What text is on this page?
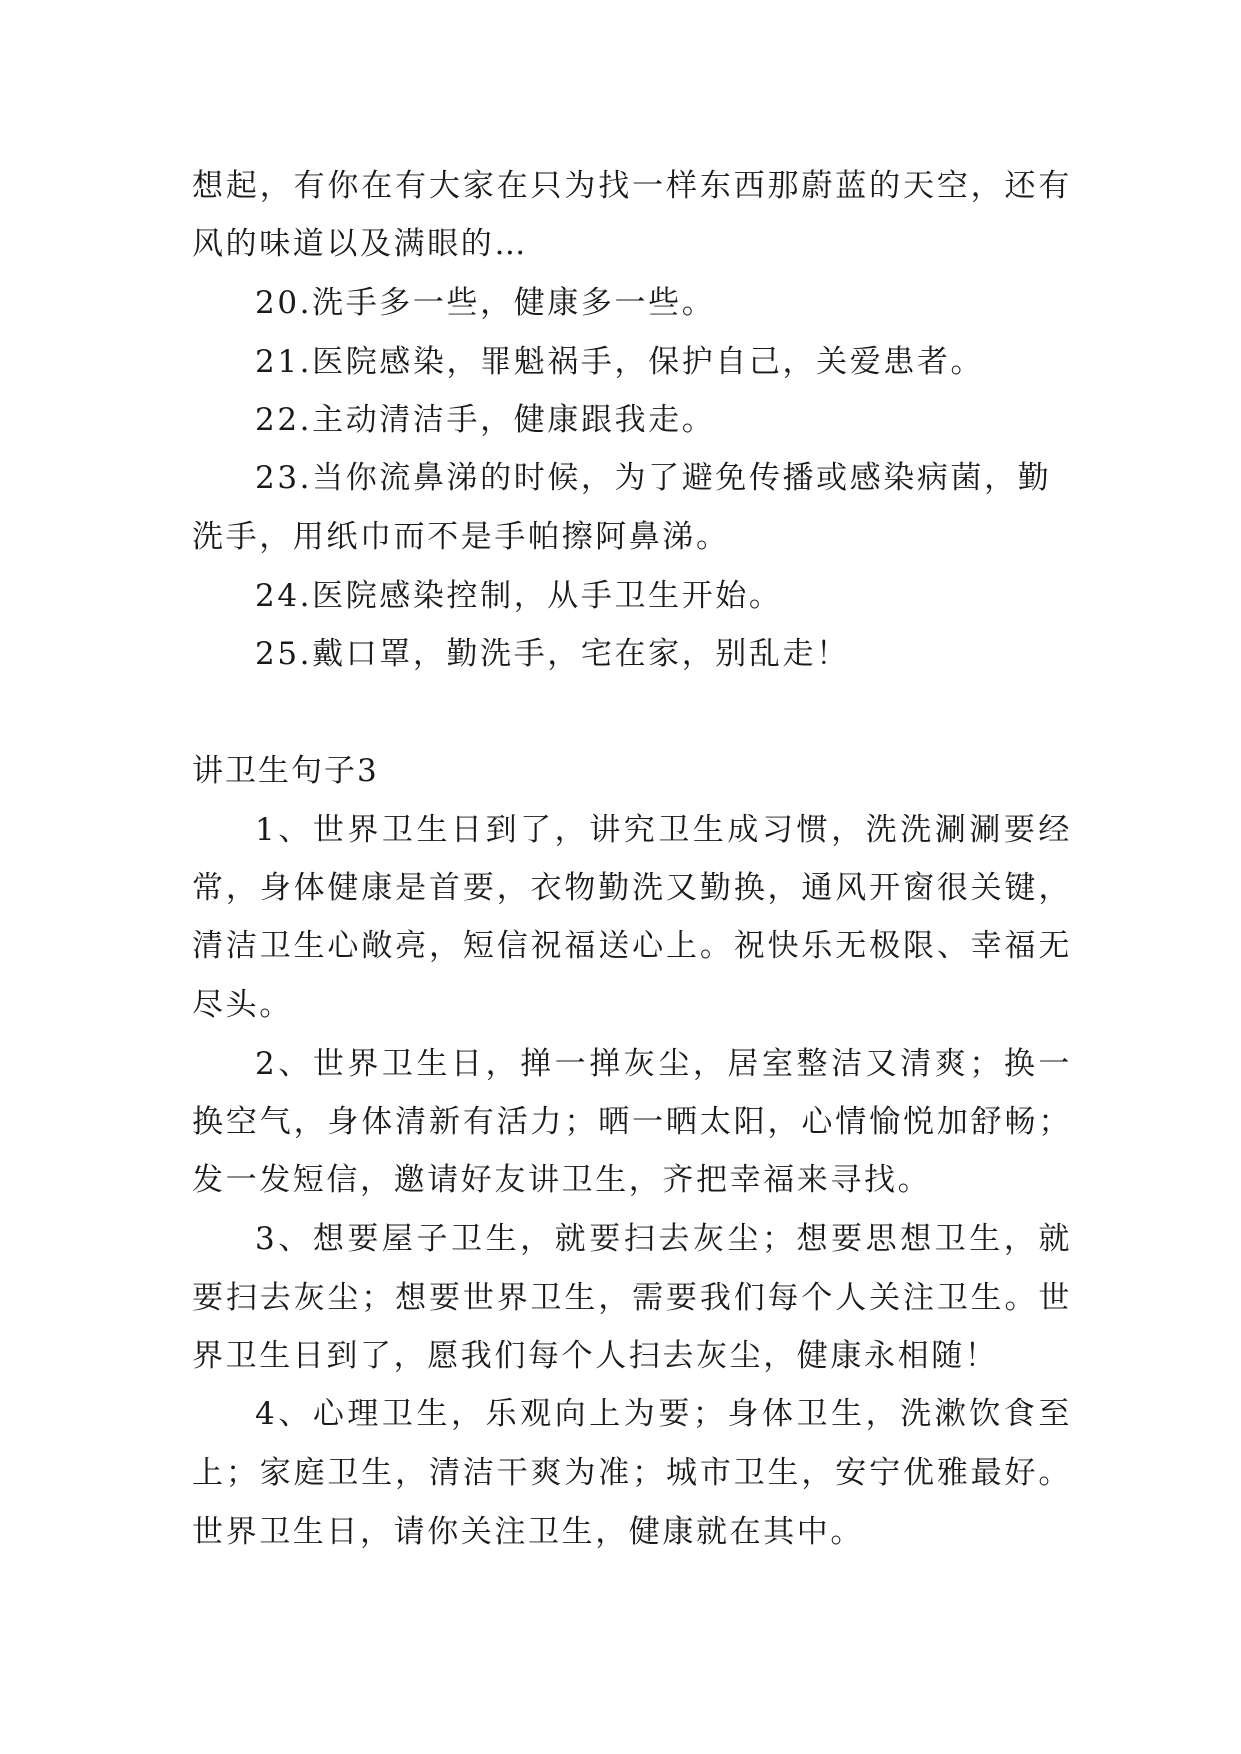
想起，有你在有大家在只为找一样东西那蔚蓝的天空，还有
风的味道以及满眼的…
20.洗手多一些，健康多一些。
21.医院感染，罪魁祸手，保护自己，关爱患者。
22.主动清洁手，健康跟我走。
23.当你流鼻涕的时候，为了避免传播或感染病菌，勤
洗手，用纸巾而不是手帕擦阿鼻涕。
24.医院感染控制，从手卫生开始。
25.戴口罩，勤洗手，宅在家，别乱走！
讲卫生句子3
1、世界卫生日到了，讲究卫生成习惯，洗洗涮涮要经
常，身体健康是首要，衣物勤洗又勤换，通风开窗很关键，
清洁卫生心敞亮，短信祝福送心上。祝快乐无极限、幸福无
尽头。
2、世界卫生日，掸一掸灰尘，居室整洁又清爽；换一
换空气，身体清新有活力；晒一晒太阳，心情愉悦加舒畅；
发一发短信，邀请好友讲卫生，齐把幸福来寻找。
3、想要屋子卫生，就要扫去灰尘；想要思想卫生，就
要扫去灰尘；想要世界卫生，需要我们每个人关注卫生。世
界卫生日到了，愿我们每个人扫去灰尘，健康永相随！
4、心理卫生，乐观向上为要；身体卫生，洗漱饮食至
上；家庭卫生，清洁干爽为准；城市卫生，安宁优雅最好。
世界卫生日，请你关注卫生，健康就在其中。
